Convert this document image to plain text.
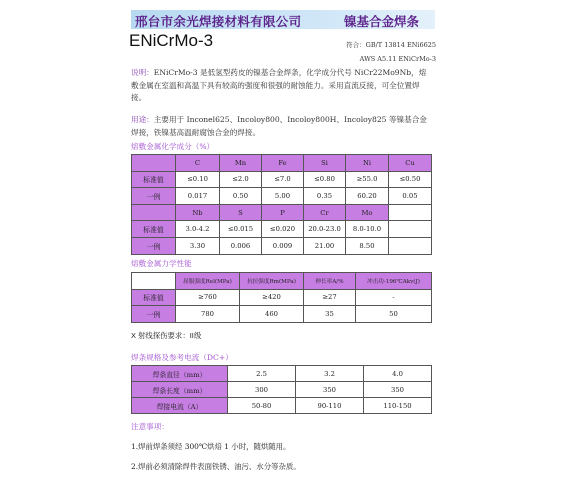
邢台市余光焊接材料有限公司	镍基合金焊条
ENiCrMo-3	符合：GB/T 13814 ENi6625
AWS A5.11 ENiCrMo-3
说明：ENiCrMo-3 是低氢型药皮的镍基合金焊条，化学成分代号 NiCr22Mo9Nb，熔敷金属在室温和高温下具有较高的强度和很强的耐蚀能力。采用直流反接，可全位置焊接。
用途：主要用于 Inconel625、Incoloy800、Incoloy800H、Incoloy825 等镍基合金焊接，铁镍基高温耐腐蚀合金的焊接。
熔敷金属化学成分（%）
	C	Mn	Fe	Si	Ni	Cu
标准值	≤0.10	≤2.0	≤7.0	≤0.80	≥55.0	≤0.50
一例	0.017	0.50	5.00	0.35	60.20	0.05
	Nb	S	P	Cr	Mo	
标准值	3.0-4.2	≤0.015	≤0.020	20.0-23.0	8.0-10.0	
一例	3.30	0.006	0.009	21.00	8.50	
熔敷金属力学性能
	屈服强度Rel(MPa)	抗拉强度Rm(MPa)	伸长率A/%	冲击功-196℃Akv(J)
标准值	≥760	≥420	≥27	-
一例	780	460	35	50
X 射线探伤要求：II级
焊条规格及参考电流（DC+）
焊条直径（mm）	2.5	3.2	4.0
焊条长度（mm）	300	350	350
焊接电流（A）	50-80	90-110	110-150
注意事项：
1.焊前焊条须经 300℃烘焙 1 小时，随烘随用。
2.焊前必须清除焊件表面铁锈、油污、水分等杂质。
